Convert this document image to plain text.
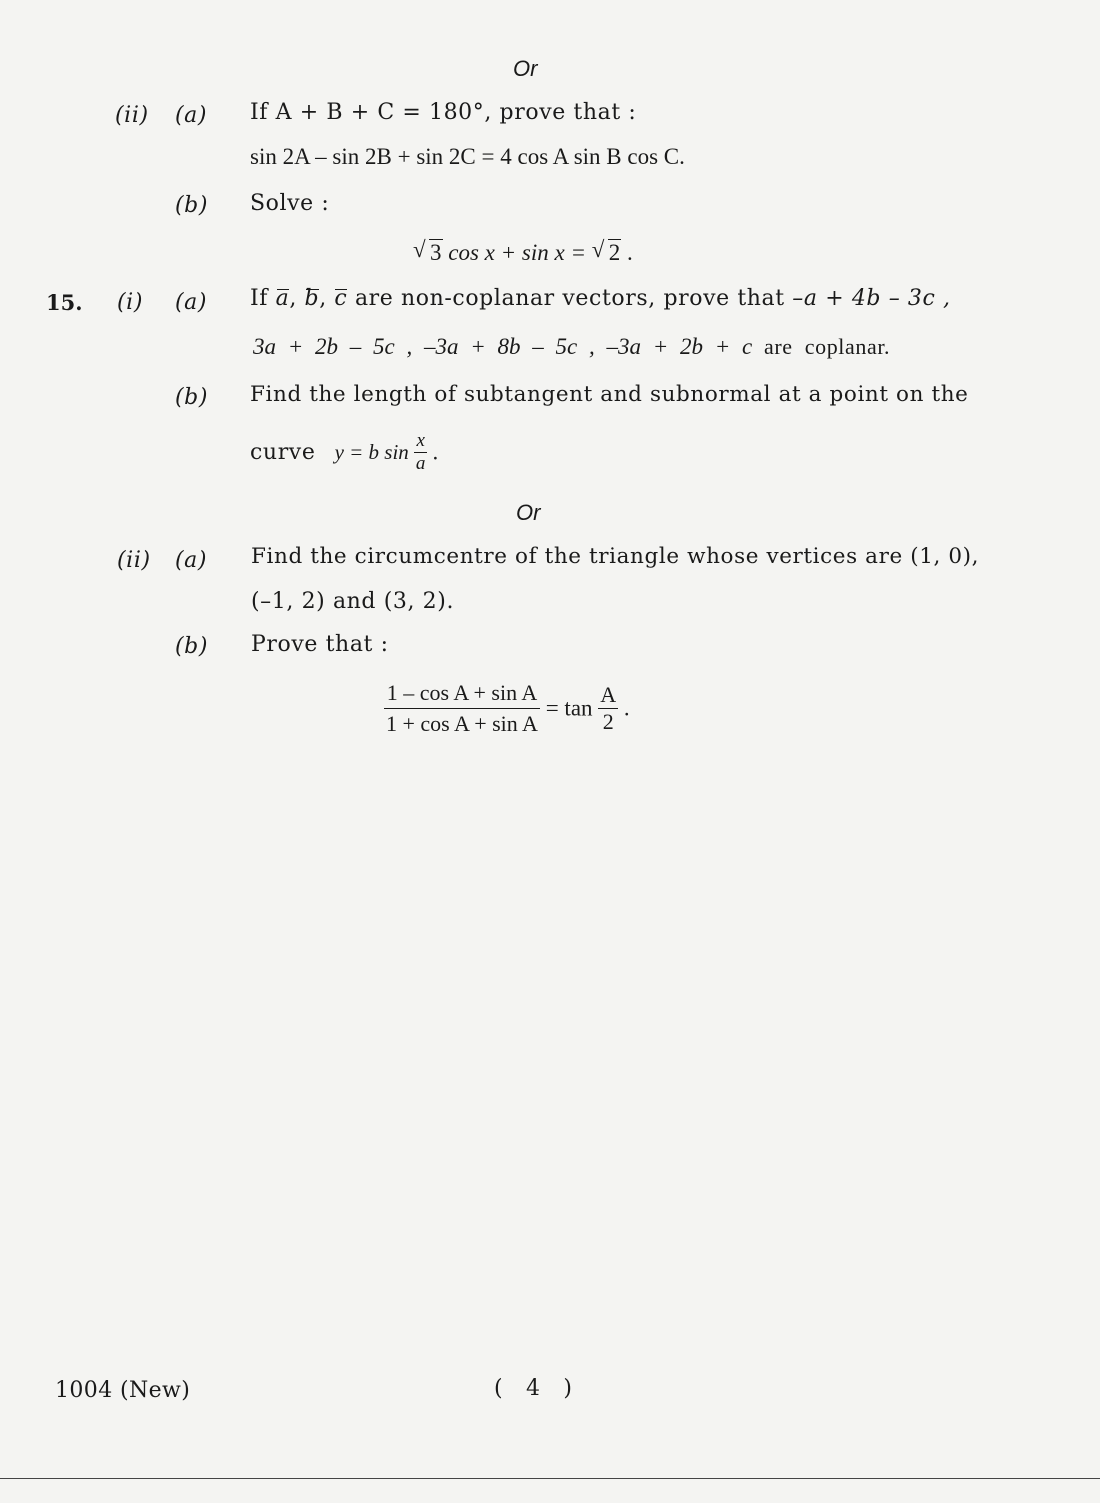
Or
(ii) (a) If A + B + C = 180°, prove that :
sin 2A – sin 2B + sin 2C = 4 cos A sin B cos C.
(b) Solve :
√ 3 cos x + sin x = √ 2 .
15. (i) (a) If a, b, c are non-coplanar vectors, prove that –a + 4b – 3c ,
3a + 2b – 5c , –3a + 8b – 5c , –3a + 2b + c are coplanar.
(b) Find the length of subtangent and subnormal at a point on the
curve y = b $\sin \frac{x}{a}$ .
Or
(ii) (a) Find the circumcentre of the triangle whose vertices are (1, 0),
(–1, 2) and (3, 2).
(b) Prove that :
$\frac{\text{1 – cos A + sin A}}{\text{1 + cos A + sin A}} = \tan \frac{A}{2}$ .
1004 (New)	(   4   )
